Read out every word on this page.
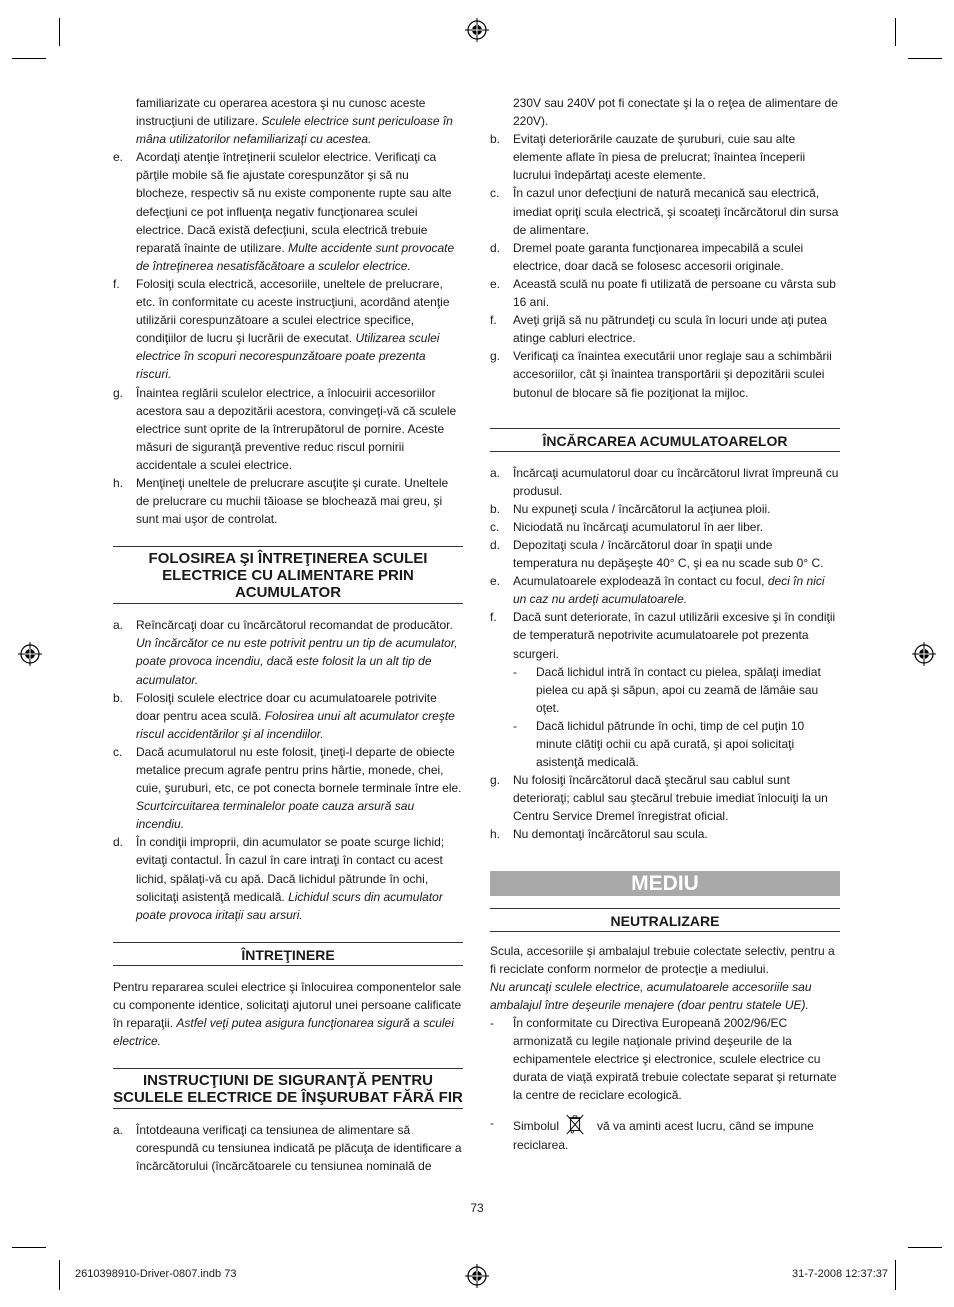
familiarizate cu operarea acestora şi nu cunosc aceste instrucţiuni de utilizare. Sculele electrice sunt periculoase în mâna utilizatorilor nefamiliarizaţi cu acestea.
e.	Acordaţi atenţie întreţinerii sculelor electrice. Verificaţi ca părţile mobile să fie ajustate corespunzător şi să nu blocheze, respectiv să nu existe componente rupte sau alte defecţiuni ce pot influenţa negativ funcţionarea sculei electrice. Dacă există defecţiuni, scula electrică trebuie reparată înainte de utilizare. Multe accidente sunt provocate de întreţinerea nesatisfăcătoare a sculelor electrice.
f.	Folosiţi scula electrică, accesoriile, uneltele de prelucrare, etc. în conformitate cu aceste instrucţiuni, acordând atenţie utilizării corespunzătoare a sculei electrice specifice, condiţiilor de lucru şi lucrării de executat. Utilizarea sculei electrice în scopuri necorespunzătoare poate prezenta riscuri.
g.	Înaintea reglării sculelor electrice, a înlocuirii accesoriilor acestora sau a depozitării acestora, convingeţi-vă că sculele electrice sunt oprite de la întrerupătorul de pornire. Aceste măsuri de siguranţă preventive reduc riscul pornirii accidentale a sculei electrice.
h.	Menţineţi uneltele de prelucrare ascuţite şi curate. Uneltele de prelucrare cu muchii tăioase se blochează mai greu, şi sunt mai uşor de controlat.
FOLOSIREA ŞI ÎNTREŢINEREA SCULEI ELECTRICE CU ALIMENTARE PRIN ACUMULATOR
a.	Reîncărcaţi doar cu încărcătorul recomandat de producător. Un încărcător ce nu este potrivit pentru un tip de acumulator, poate provoca incendiu, dacă este folosit la un alt tip de acumulator.
b.	Folosiţi sculele electrice doar cu acumulatoarele potrivite doar pentru acea sculă. Folosirea unui alt acumulator creşte riscul accidentărilor şi al incendiilor.
c.	Dacă acumulatorul nu este folosit, ţineţi-l departe de obiecte metalice precum agrafe pentru prins hârtie, monede, chei, cuie, şuruburi, etc, ce pot conecta bornele terminale între ele. Scurtcircuitarea terminalelor poate cauza arsură sau incendiu.
d.	În condiţii improprii, din acumulator se poate scurge lichid; evitaţi contactul. În cazul în care intraţi în contact cu acest lichid, spălaţi-vă cu apă. Dacă lichidul pătrunde în ochi, solicitaţi asistenţă medicală. Lichidul scurs din acumulator poate provoca iritaţii sau arsuri.
ÎNTREŢINERE

Pentru repararea sculei electrice şi înlocuirea componentelor sale cu componente identice, solicitaţi ajutorul unei persoane calificate în reparaţii. Astfel veţi putea asigura funcţionarea sigură a sculei electrice.

INSTRUCŢIUNI DE SIGURANŢĂ PENTRU SCULELE ELECTRICE DE ÎNŞURUBAT FĂRĂ FIR
a.	Întotdeauna verificaţi ca tensiunea de alimentare să corespundă cu tensiunea indicată pe plăcuţa de identificare a încărcătorului (încărcătoarele cu tensiunea nominală de
230V sau 240V pot fi conectate şi la o reţea de alimentare de 220V).
b.	Evitaţi deteriorările cauzate de şuruburi, cuie sau alte elemente aflate în piesa de prelucrat; înaintea începerii lucrului îndepărtaţi aceste elemente.
c.	În cazul unor defecţiuni de natură mecanică sau electrică, imediat opriţi scula electrică, şi scoateţi încărcătorul din sursa de alimentare.
d.	Dremel poate garanta funcţionarea impecabilă a sculei electrice, doar dacă se folosesc accesorii originale.
e.	Această sculă nu poate fi utilizată de persoane cu vârsta sub 16 ani.
f.	Aveţi grijă să nu pătrundeţi cu scula în locuri unde aţi putea atinge cabluri electrice.
g.	Verificaţi ca înaintea executării unor reglaje sau a schimbării accesoriilor, cât şi înaintea transportării şi depozitării sculei butonul de blocare să fie poziţionat la mijloc.
ÎNCĂRCAREA ACUMULATOARELOR
a.	Încărcaţi acumulatorul doar cu încărcătorul livrat împreună cu produsul.
b.	Nu expuneţi scula / încărcătorul la acţiunea ploii.
c.	Niciodată nu încărcaţi acumulatorul în aer liber.
d.	Depozitaţi scula / încărcătorul doar în spaţii unde temperatura nu depăşeşte 40° C, şi ea nu scade sub 0° C.
e.	Acumulatoarele explodează în contact cu focul, deci în nici un caz nu ardeţi acumulatoarele.
f.	Dacă sunt deteriorate, în cazul utilizării excesive şi în condiţii de temperatură nepotrivite acumulatoarele pot prezenta scurgeri.
-	Dacă lichidul intră în contact cu pielea, spălaţi imediat pielea cu apă şi săpun, apoi cu zeamă de lămâie sau oţet.
-	Dacă lichidul pătrunde în ochi, timp de cel puţin 10 minute clătiţi ochii cu apă curată, şi apoi solicitaţi asistenţă medicală.
g.	Nu folosiţi încărcătorul dacă ştecărul sau cablul sunt deterioraţi; cablul sau ştecărul trebuie imediat înlocuiţi la un Centru Service Dremel înregistrat oficial.
h.	Nu demontaţi încărcătorul sau scula.
MEDIU
NEUTRALIZARE

Scula, accesoriile şi ambalajul trebuie colectate selectiv, pentru a fi reciclate conform normelor de protecţie a mediului.
Nu aruncaţi sculele electrice, acumulatoarele accesoriile sau ambalajul între deşeurile menajere (doar pentru statele UE).

-	În conformitate cu Directiva Europeană 2002/96/EC armonizată cu legile naţionale privind deşeurile de la echipamentele electrice şi electronice, sculele electrice cu durata de viaţă expirată trebuie colectate separat şi returnate la centre de reciclare ecologică.
-	Simbolul	vă va aminti acest lucru, când se impune reciclarea.
73
2610398910-Driver-0807.indb 73	31-7-2008 12:37:37
